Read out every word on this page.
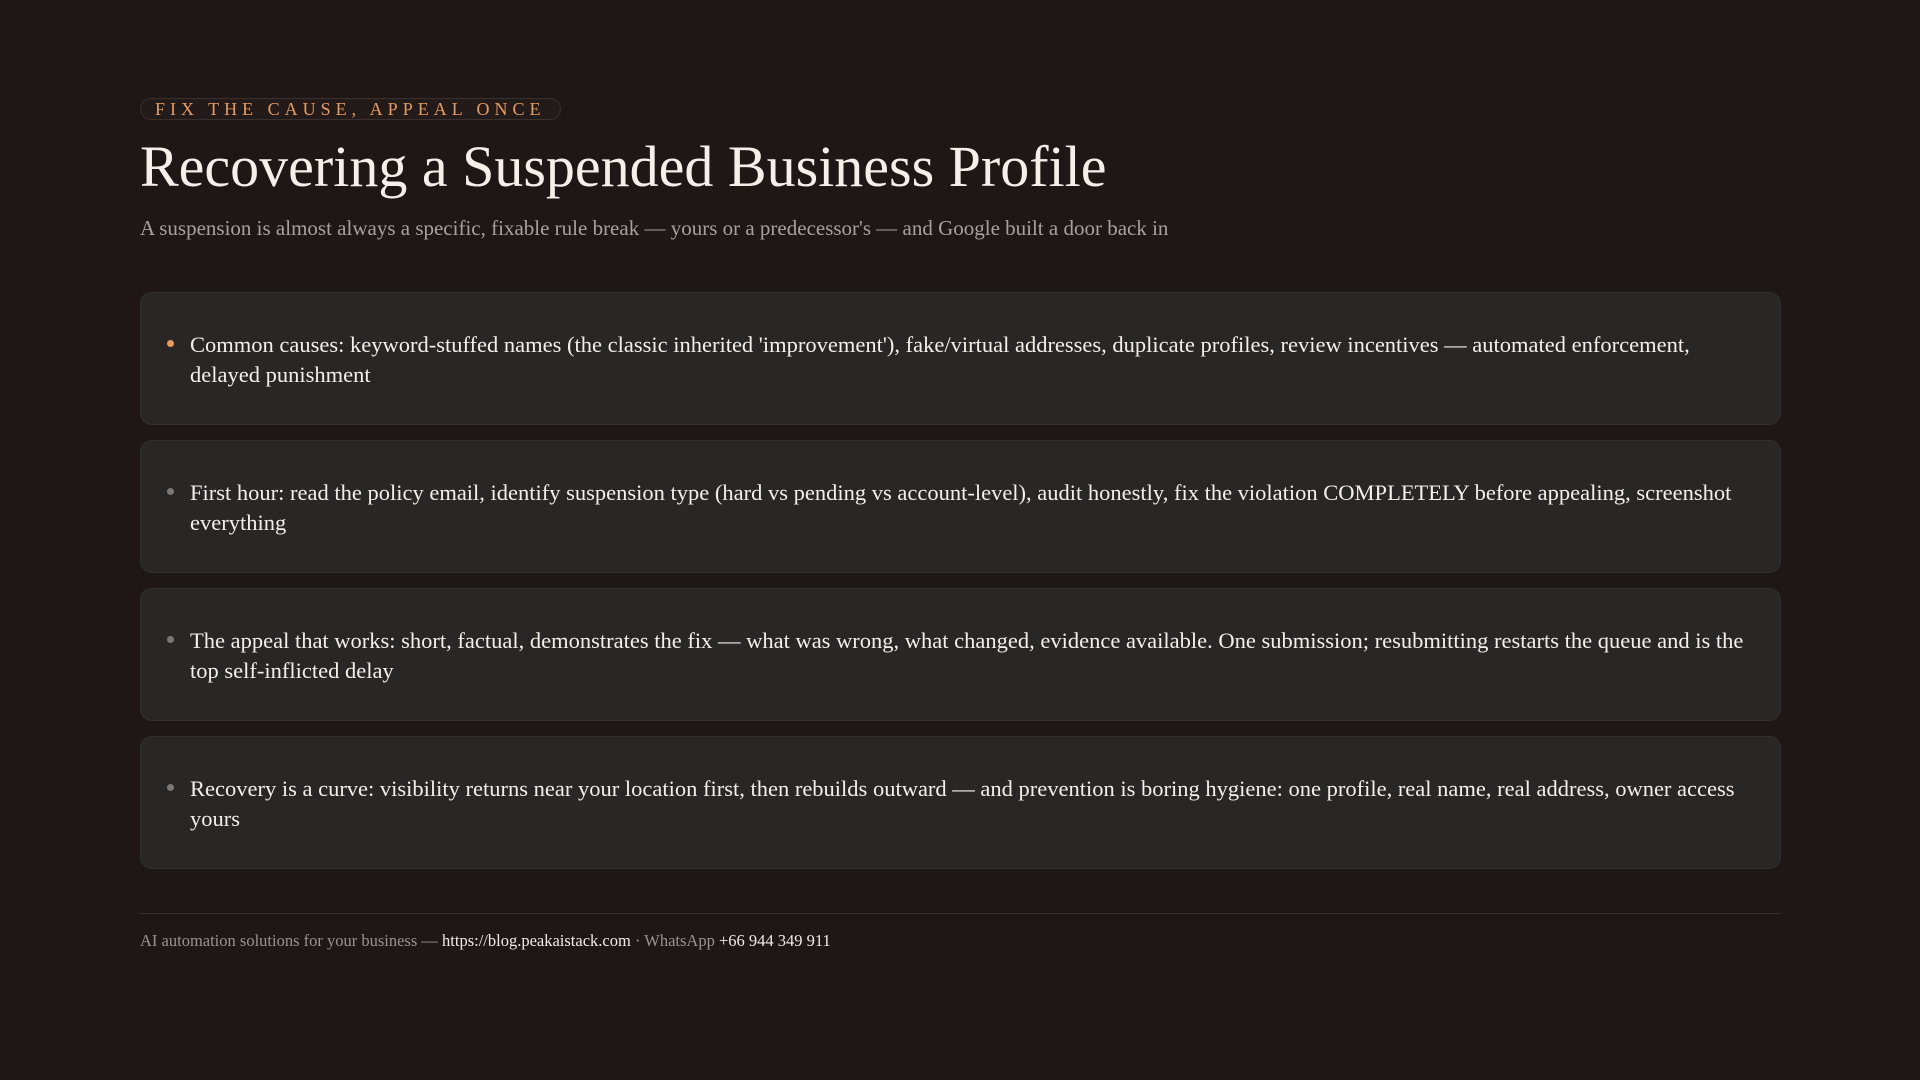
FIX THE CAUSE, APPEAL ONCE
Recovering a Suspended Business Profile
A suspension is almost always a specific, fixable rule break — yours or a predecessor's — and Google built a door back in
Common causes: keyword-stuffed names (the classic inherited 'improvement'), fake/virtual addresses, duplicate profiles, review incentives — automated enforcement, delayed punishment
First hour: read the policy email, identify suspension type (hard vs pending vs account-level), audit honestly, fix the violation COMPLETELY before appealing, screenshot everything
The appeal that works: short, factual, demonstrates the fix — what was wrong, what changed, evidence available. One submission; resubmitting restarts the queue and is the top self-inflicted delay
Recovery is a curve: visibility returns near your location first, then rebuilds outward — and prevention is boring hygiene: one profile, real name, real address, owner access yours
AI automation solutions for your business — https://blog.peakaistack.com · WhatsApp +66 944 349 911
